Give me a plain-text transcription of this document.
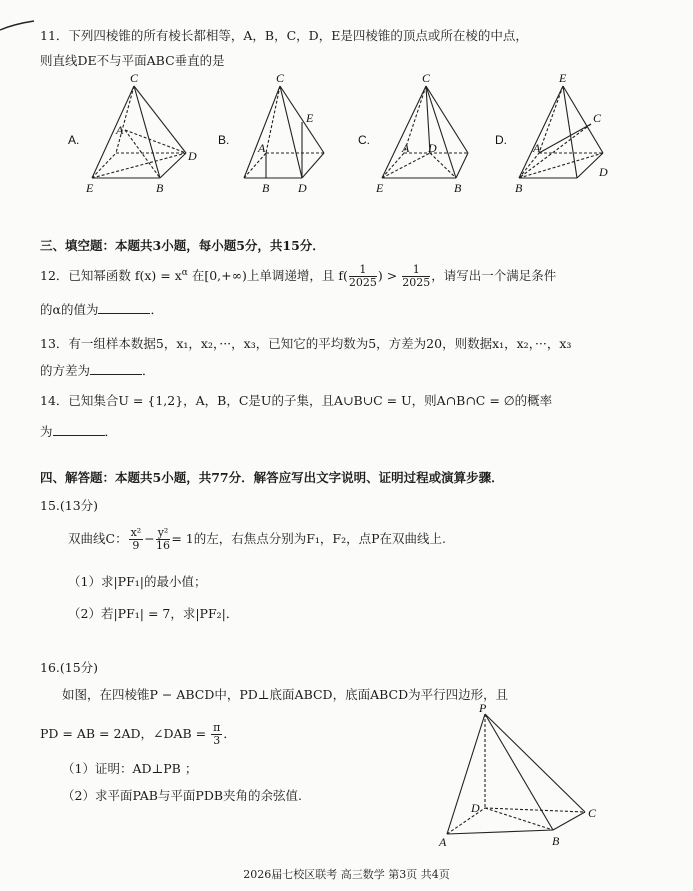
11．下列四棱锥的所有棱长都相等，A，B，C，D，E是四棱锥的顶点或所在棱的中点，
则直线DE不与平面ABC垂直的是
A.
C
A
D
E	B
B.
C
E
A
B D
C.
C
A D
E	B
D.
E
C
A
D
B
三、填空题：本题共3小题，每小题5分，共15分．
12．已知幂函数 $f(x) = x^\alpha$ 在[0,+∞)上单调递增，且 $f( \frac{1}{2025}$ ) > $\frac{1}{2025}$ ，请写出一个满足条件
的α的值为	．
13．有一组样本数据5，x₁，x₂，···，x₃，已知它的平均数为5，方差为20，则数据x₁，x₂，···，x₃
的方差为	．
14．已知集合U = {1,2}，A，B，C是U的子集，且A∪B∪C = U，则A∩B∩C = ∅的概率
为	．
四、解答题：本题共5小题，共77分．解答应写出文字说明、证明过程或演算步骤．
15.(13分)
双曲线C： $\frac{\text{x²}}{9} - \frac{\text{y²}}{16} = 1$的左，右焦点分别为F₁，F₂，点P在双曲线上.
（1）求|PF₁|的最小值；
（2）若|PF₁| = 7，求|PF₂|．
16.(15分)
如图，在四棱锥P − ABCD中，PD⊥底面ABCD，底面ABCD为平行四边形，且
PD = AB = 2AD，∠DAB = $\frac{\pi}{3}$ ．
（1）证明：AD⊥PB ；
（2）求平面PAB与平面PDB夹角的余弦值.
P
D	C
A	B
2026届七校区联考 高三数学 第3页 共4页
